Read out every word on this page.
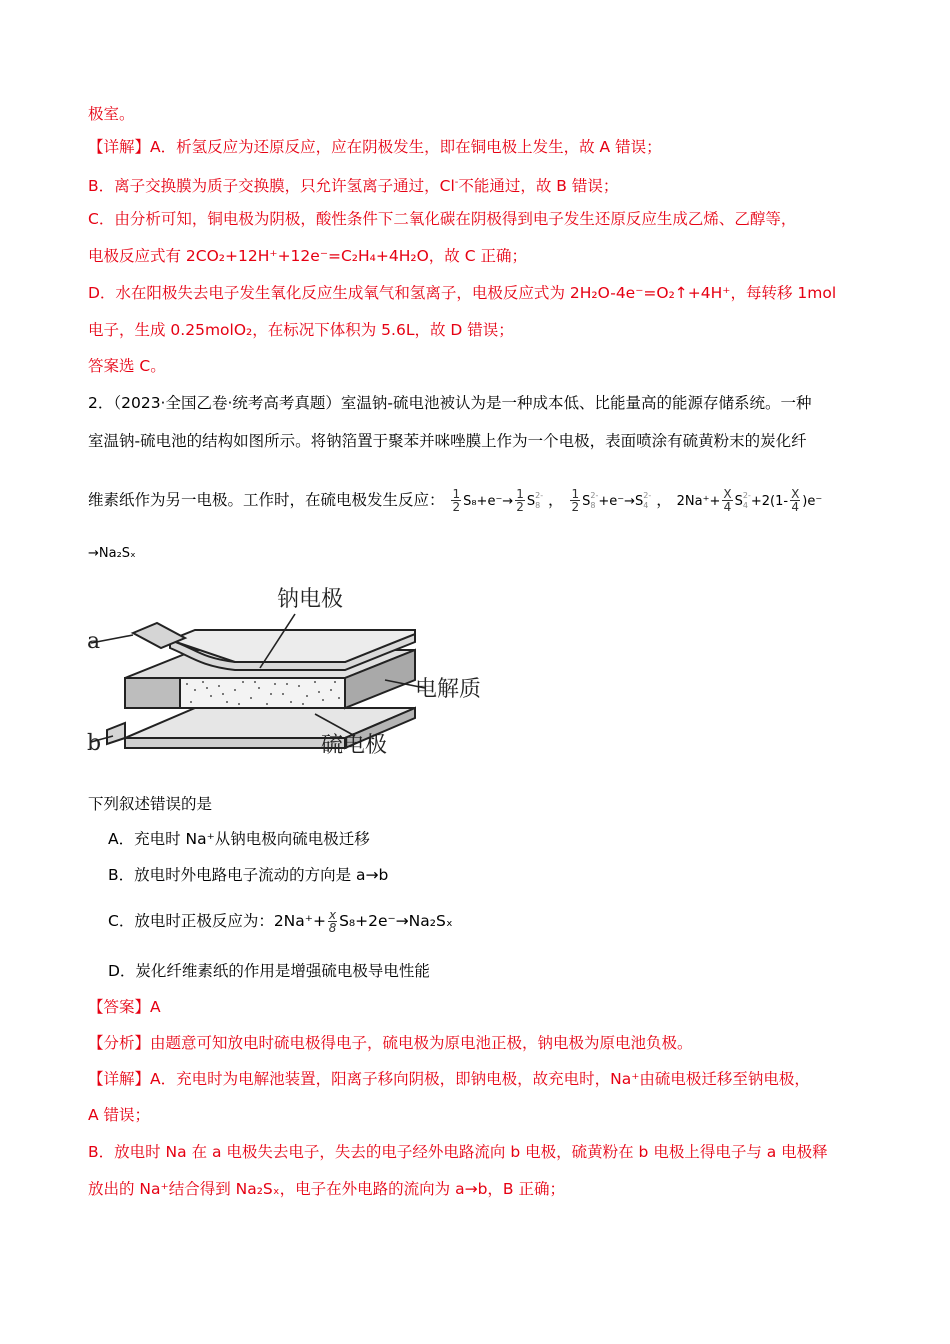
极室。
【详解】A．析氢反应为还原反应，应在阴极发生，即在铜电极上发生，故 A 错误；
B．离子交换膜为质子交换膜，只允许氢离子通过，Cl-不能通过，故 B 错误；
C．由分析可知，铜电极为阴极，酸性条件下二氧化碳在阴极得到电子发生还原反应生成乙烯、乙醇等，
电极反应式有 2CO₂+12H⁺+12e⁻=C₂H₄+4H₂O，故 C 正确；
D．水在阳极失去电子发生氧化反应生成氧气和氢离子，电极反应式为 2H₂O-4e⁻=O₂↑+4H⁺，每转移 1mol
电子，生成 0.25molO₂，在标况下体积为 5.6L，故 D 错误；
答案选 C。
2．（2023·全国乙卷·统考高考真题）室温钠-硫电池被认为是一种成本低、比能量高的能源存储系统。一种
室温钠-硫电池的结构如图所示。将钠箔置于聚苯并咪唑膜上作为一个电极，表面喷涂有硫黄粉末的炭化纤
维素纸作为另一电极。工作时，在硫电极发生反应： $\frac{1}{2} S_8+e^-\to \frac{1}{2}$ S 2-
8 ， $\frac{1}{2}$ S 2-
8 +e⁻→S 2-
4 ， $2Na^++ \frac{X}{4}$ S 2-
$4 +2(1- \frac{X}{4} )e^-$
→Na₂Sₓ
钠电极
电解质
硫电极
a
b
下列叙述错误的是
A．充电时 Na⁺从钠电极向硫电极迁移
B．放电时外电路电子流动的方向是 a→b
C．放电时正极反应为：$2Na^++ \frac{x}{8} S_8+2e^-\to Na_2S_x$
D．炭化纤维素纸的作用是增强硫电极导电性能
【答案】A
【分析】由题意可知放电时硫电极得电子，硫电极为原电池正极，钠电极为原电池负极。
【详解】A．充电时为电解池装置，阳离子移向阴极，即钠电极，故充电时，Na⁺由硫电极迁移至钠电极，
A 错误；
B．放电时 Na 在 a 电极失去电子，失去的电子经外电路流向 b 电极，硫黄粉在 b 电极上得电子与 a 电极释
放出的 Na⁺结合得到 Na₂Sₓ，电子在外电路的流向为 a→b，B 正确；
